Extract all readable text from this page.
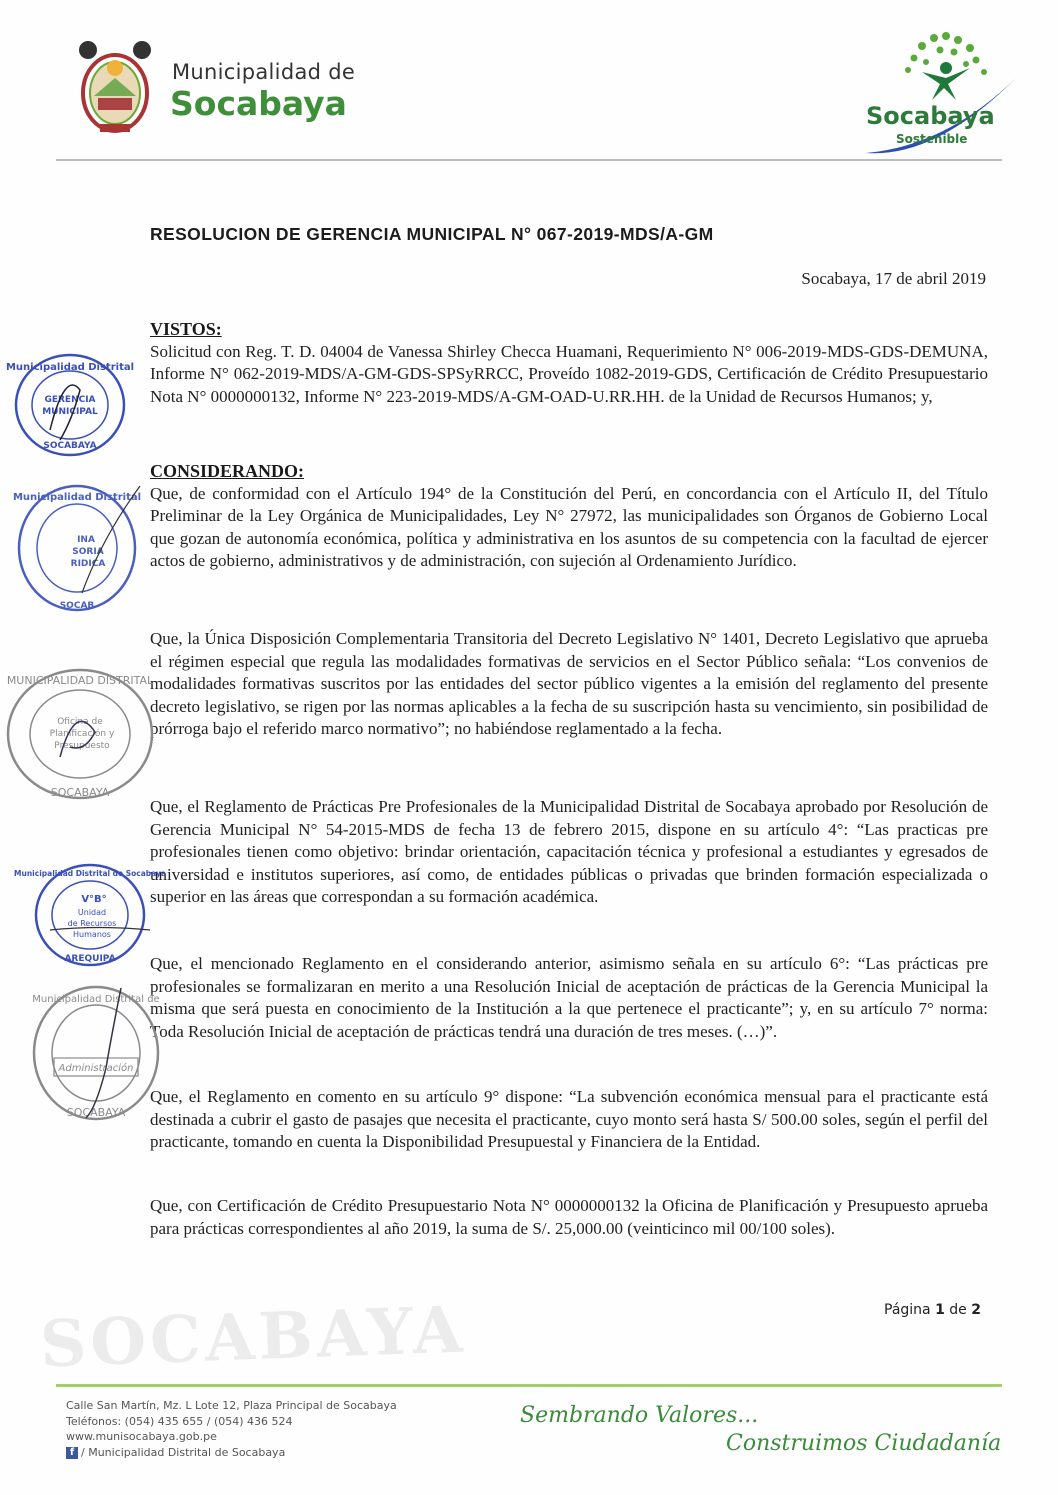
Municipalidad de
Socabaya	Socabaya
Sostenible
RESOLUCION DE GERENCIA MUNICIPAL N° 067-2019-MDS/A-GM
Socabaya, 17 de abril 2019

VISTOS:

Solicitud con Reg. T. D. 04004 de Vanessa Shirley Checca Huamani, Requerimiento N° 006-2019-MDS-GDS-DEMUNA, Informe N° 062-2019-MDS/A-GM-GDS-SPSyRRCC, Proveído 1082-2019-GDS, Certificación de Crédito Presupuestario Nota N° 0000000132, Informe N° 223-2019-MDS/A-GM-OAD-U.RR.HH. de la Unidad de Recursos Humanos; y,

CONSIDERANDO:

Que, de conformidad con el Artículo 194° de la Constitución del Perú, en concordancia con el Artículo II, del Título Preliminar de la Ley Orgánica de Municipalidades, Ley N° 27972, las municipalidades son Órganos de Gobierno Local que gozan de autonomía económica, política y administrativa en los asuntos de su competencia con la facultad de ejercer actos de gobierno, administrativos y de administración, con sujeción al Ordenamiento Jurídico.

Que, la Única Disposición Complementaria Transitoria del Decreto Legislativo N° 1401, Decreto Legislativo que aprueba el régimen especial que regula las modalidades formativas de servicios en el Sector Público señala: “Los convenios de modalidades formativas suscritos por las entidades del sector público vigentes a la emisión del reglamento del presente decreto legislativo, se rigen por las normas aplicables a la fecha de su suscripción hasta su vencimiento, sin posibilidad de prórroga bajo el referido marco normativo”; no habiéndose reglamentado a la fecha.

Que, el Reglamento de Prácticas Pre Profesionales de la Municipalidad Distrital de Socabaya aprobado por Resolución de Gerencia Municipal N° 54-2015-MDS de fecha 13 de febrero 2015, dispone en su artículo 4°: “Las practicas pre profesionales tienen como objetivo: brindar orientación, capacitación técnica y profesional a estudiantes y egresados de universidad e institutos superiores, así como, de entidades públicas o privadas que brinden formación especializada o superior en las áreas que correspondan a su formación académica.

Que, el mencionado Reglamento en el considerando anterior, asimismo señala en su artículo 6°: “Las prácticas pre profesionales se formalizaran en merito a una Resolución Inicial de aceptación de prácticas de la Gerencia Municipal la misma que será puesta en conocimiento de la Institución a la que pertenece el practicante”; y, en su artículo 7° norma: Toda Resolución Inicial de aceptación de prácticas tendrá una duración de tres meses. (…)”.

Que, el Reglamento en comento en su artículo 9° dispone: “La subvención económica mensual para el practicante está destinada a cubrir el gasto de pasajes que necesita el practicante, cuyo monto será hasta S/ 500.00 soles, según el perfil del practicante, tomando en cuenta la Disponibilidad Presupuestal y Financiera de la Entidad.

Que, con Certificación de Crédito Presupuestario Nota N° 0000000132 la Oficina de Planificación y Presupuesto aprueba para prácticas correspondientes al año 2019, la suma de S/. 25,000.00 (veinticinco mil 00/100 soles).

Municipalidad Distrital
GERENCIA
MUNICIPAL
SOCABAYA
Municipalidad Distrital
INA
SORIA
RIDICA
SOCAB
MUNICIPALIDAD DISTRITAL
Oficina de
Planificación y
Presupuesto
SOCABAYA
Municipalidad Distrital de Socabaya
V°B°
Unidad
de Recursos
Humanos
AREQUIPA
Municipalidad Distrital de
Administración
SOCABAYA
SOCABAYA	Página 1 de 2
Calle San Martín, Mz. L Lote 12, Plaza Principal de Socabaya
Teléfonos: (054) 435 655 / (054) 436 524
www.munisocabaya.gob.pe
f / Municipalidad Distrital de Socabaya
Sembrando Valores...
Construimos Ciudadanía
